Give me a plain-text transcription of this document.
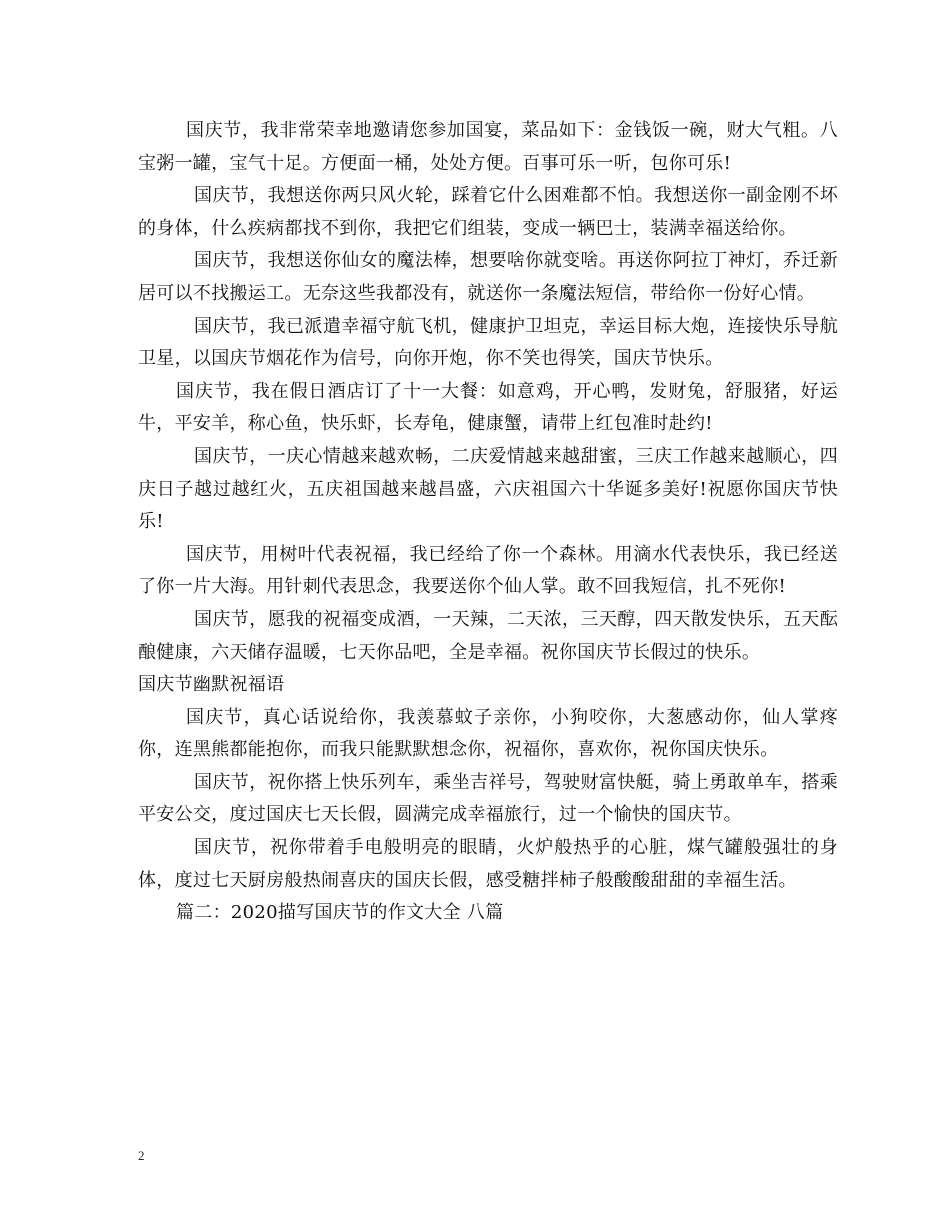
国庆节，我非常荣幸地邀请您参加国宴，菜品如下：金钱饭一碗，财大气粗。八宝粥一罐，宝气十足。方便面一桶，处处方便。百事可乐一听，包你可乐!

国庆节，我想送你两只风火轮，踩着它什么困难都不怕。我想送你一副金刚不坏的身体，什么疾病都找不到你，我把它们组装，变成一辆巴士，装满幸福送给你。

国庆节，我想送你仙女的魔法棒，想要啥你就变啥。再送你阿拉丁神灯，乔迁新居可以不找搬运工。无奈这些我都没有，就送你一条魔法短信，带给你一份好心情。

国庆节，我已派遣幸福守航飞机，健康护卫坦克，幸运目标大炮，连接快乐导航卫星，以国庆节烟花作为信号，向你开炮，你不笑也得笑，国庆节快乐。

国庆节，我在假日酒店订了十一大餐：如意鸡，开心鸭，发财兔，舒服猪，好运牛，平安羊，称心鱼，快乐虾，长寿龟，健康蟹，请带上红包准时赴约!

国庆节，一庆心情越来越欢畅，二庆爱情越来越甜蜜，三庆工作越来越顺心，四庆日子越过越红火，五庆祖国越来越昌盛，六庆祖国六十华诞多美好!祝愿你国庆节快乐!

国庆节，用树叶代表祝福，我已经给了你一个森林。用滴水代表快乐，我已经送了你一片大海。用针刺代表思念，我要送你个仙人掌。敢不回我短信，扎不死你!

国庆节，愿我的祝福变成酒，一天辣，二天浓，三天醇，四天散发快乐，五天酝酿健康，六天储存温暖，七天你品吧，全是幸福。祝你国庆节长假过的快乐。

国庆节幽默祝福语

国庆节，真心话说给你，我羡慕蚊子亲你，小狗咬你，大葱感动你，仙人掌疼你，连黑熊都能抱你，而我只能默默想念你，祝福你，喜欢你，祝你国庆快乐。

国庆节，祝你搭上快乐列车，乘坐吉祥号，驾驶财富快艇，骑上勇敢单车，搭乘平安公交，度过国庆七天长假，圆满完成幸福旅行，过一个愉快的国庆节。

国庆节，祝你带着手电般明亮的眼睛，火炉般热乎的心脏，煤气罐般强壮的身体，度过七天厨房般热闹喜庆的国庆长假，感受糖拌柿子般酸酸甜甜的幸福生活。

篇二：2020描写国庆节的作文大全 八篇

2
